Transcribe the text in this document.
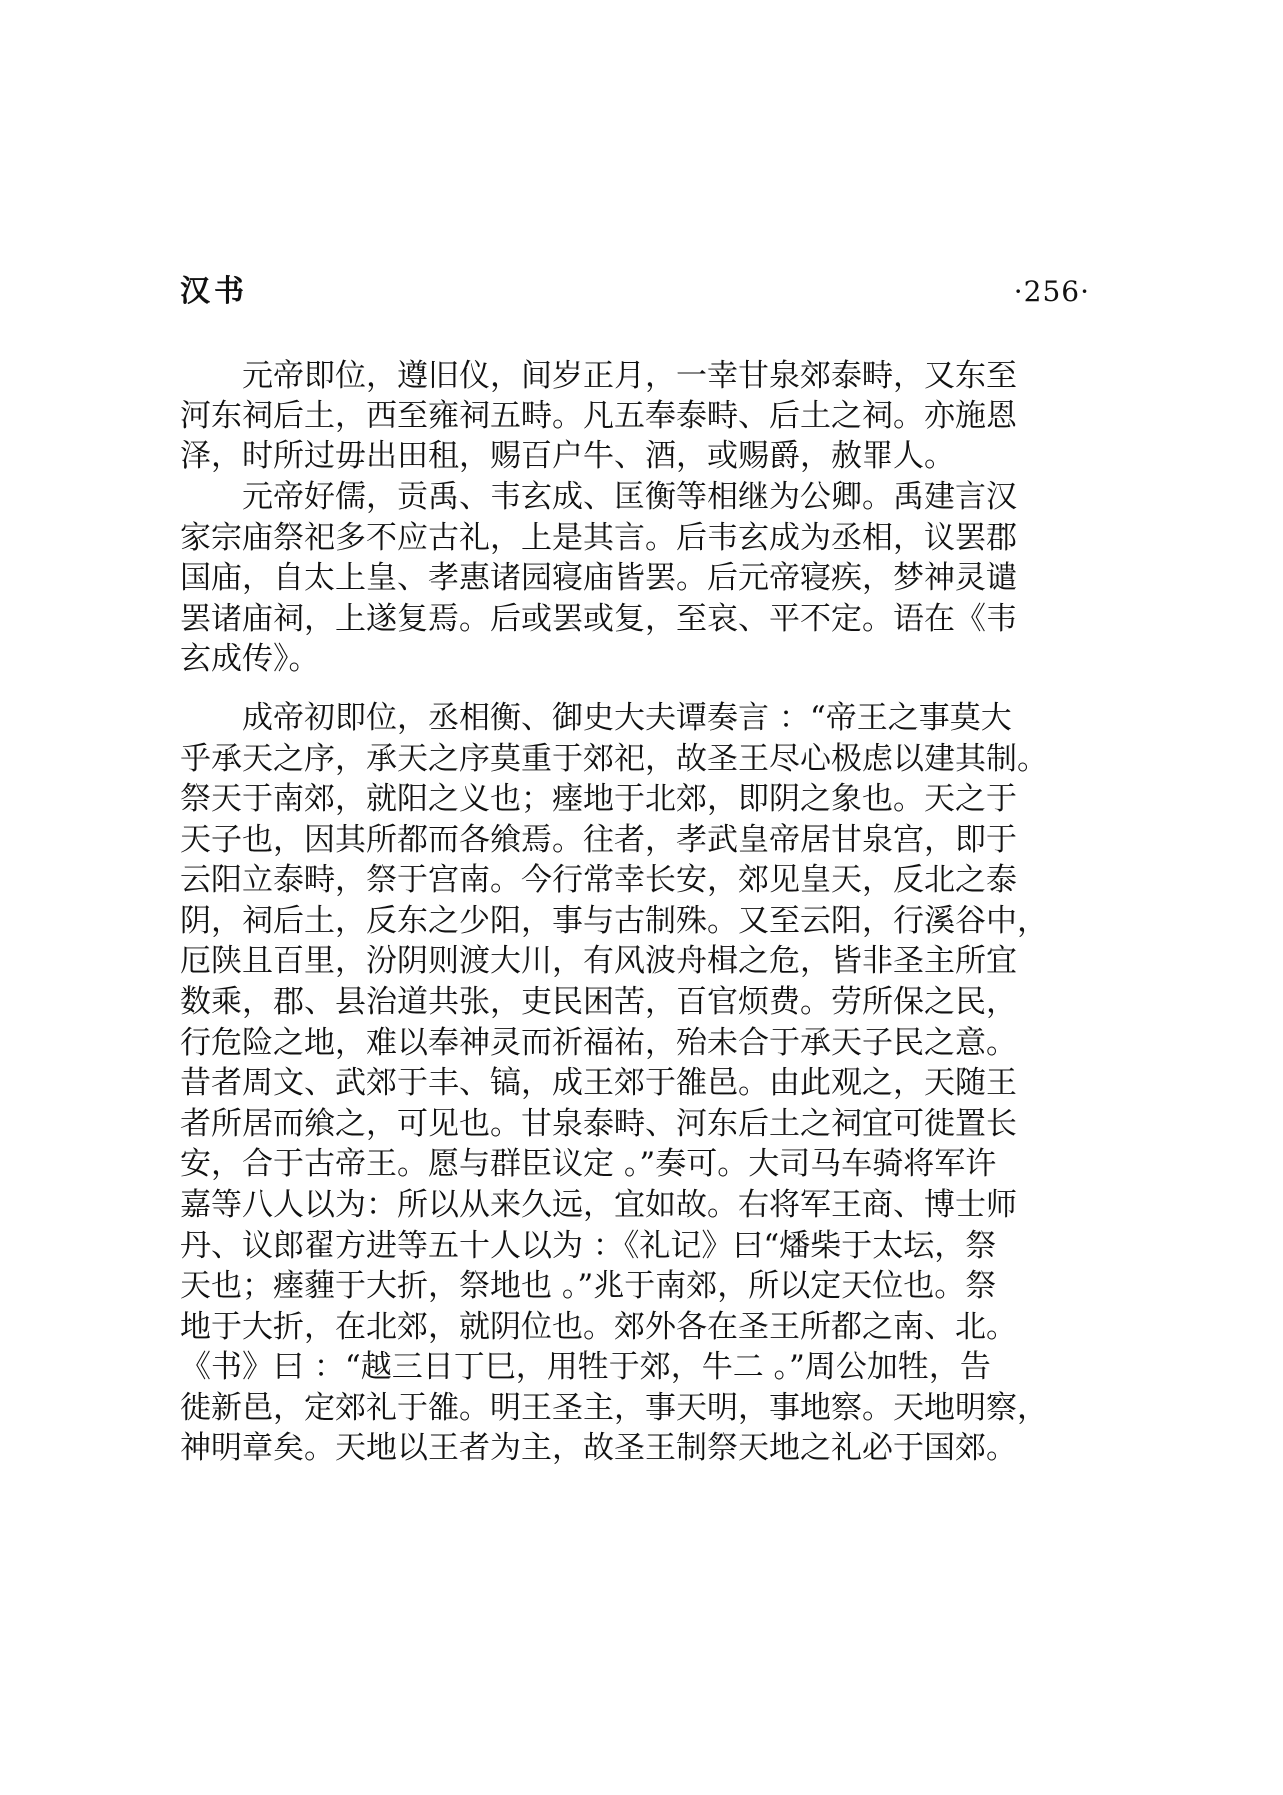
汉书	·256·
　　元帝即位，遵旧仪，间岁正月，一幸甘泉郊泰畤，又东至
河东祠后土，西至雍祠五畤。凡五奉泰畤、后土之祠。亦施恩
泽，时所过毋出田租，赐百户牛、酒，或赐爵，赦罪人。
　　元帝好儒，贡禹、韦玄成、匡衡等相继为公卿。禹建言汉
家宗庙祭祀多不应古礼，上是其言。后韦玄成为丞相，议罢郡
国庙，自太上皇、孝惠诸园寝庙皆罢。后元帝寝疾，梦神灵谴
罢诸庙祠，上遂复焉。后或罢或复，至哀、平不定。语在《韦
玄成传》。
　　成帝初即位，丞相衡、御史大夫谭奏言 ：“帝王之事莫大
乎承天之序，承天之序莫重于郊祀，故圣王尽心极虑以建其制。
祭天于南郊，就阳之义也；瘗地于北郊，即阴之象也。天之于
天子也，因其所都而各飨焉。往者，孝武皇帝居甘泉宫，即于
云阳立泰畤，祭于宫南。今行常幸长安，郊见皇天，反北之泰
阴，祠后土，反东之少阳，事与古制殊。又至云阳，行溪谷中，
厄陕且百里，汾阴则渡大川，有风波舟楫之危，皆非圣主所宜
数乘，郡、县治道共张，吏民困苦，百官烦费。劳所保之民，
行危险之地，难以奉神灵而祈福祐，殆未合于承天子民之意。
昔者周文、武郊于丰、镐，成王郊于雒邑。由此观之，天随王
者所居而飨之，可见也。甘泉泰畤、河东后土之祠宜可徙置长
安，合于古帝王。愿与群臣议定 。”奏可。大司马车骑将军许
嘉等八人以为：所以从来久远，宜如故。右将军王商、博士师
丹、议郎翟方进等五十人以为 ：《礼记》曰“燔柴于太坛，祭
天也；瘗薶于大折，祭地也 。”兆于南郊，所以定天位也。祭
地于大折，在北郊，就阴位也。郊外各在圣王所都之南、北。
《书》曰 ：“越三日丁巳，用牲于郊，牛二 。”周公加牲，告
徙新邑，定郊礼于雒。明王圣主，事天明，事地察。天地明察，
神明章矣。天地以王者为主，故圣王制祭天地之礼必于国郊。
